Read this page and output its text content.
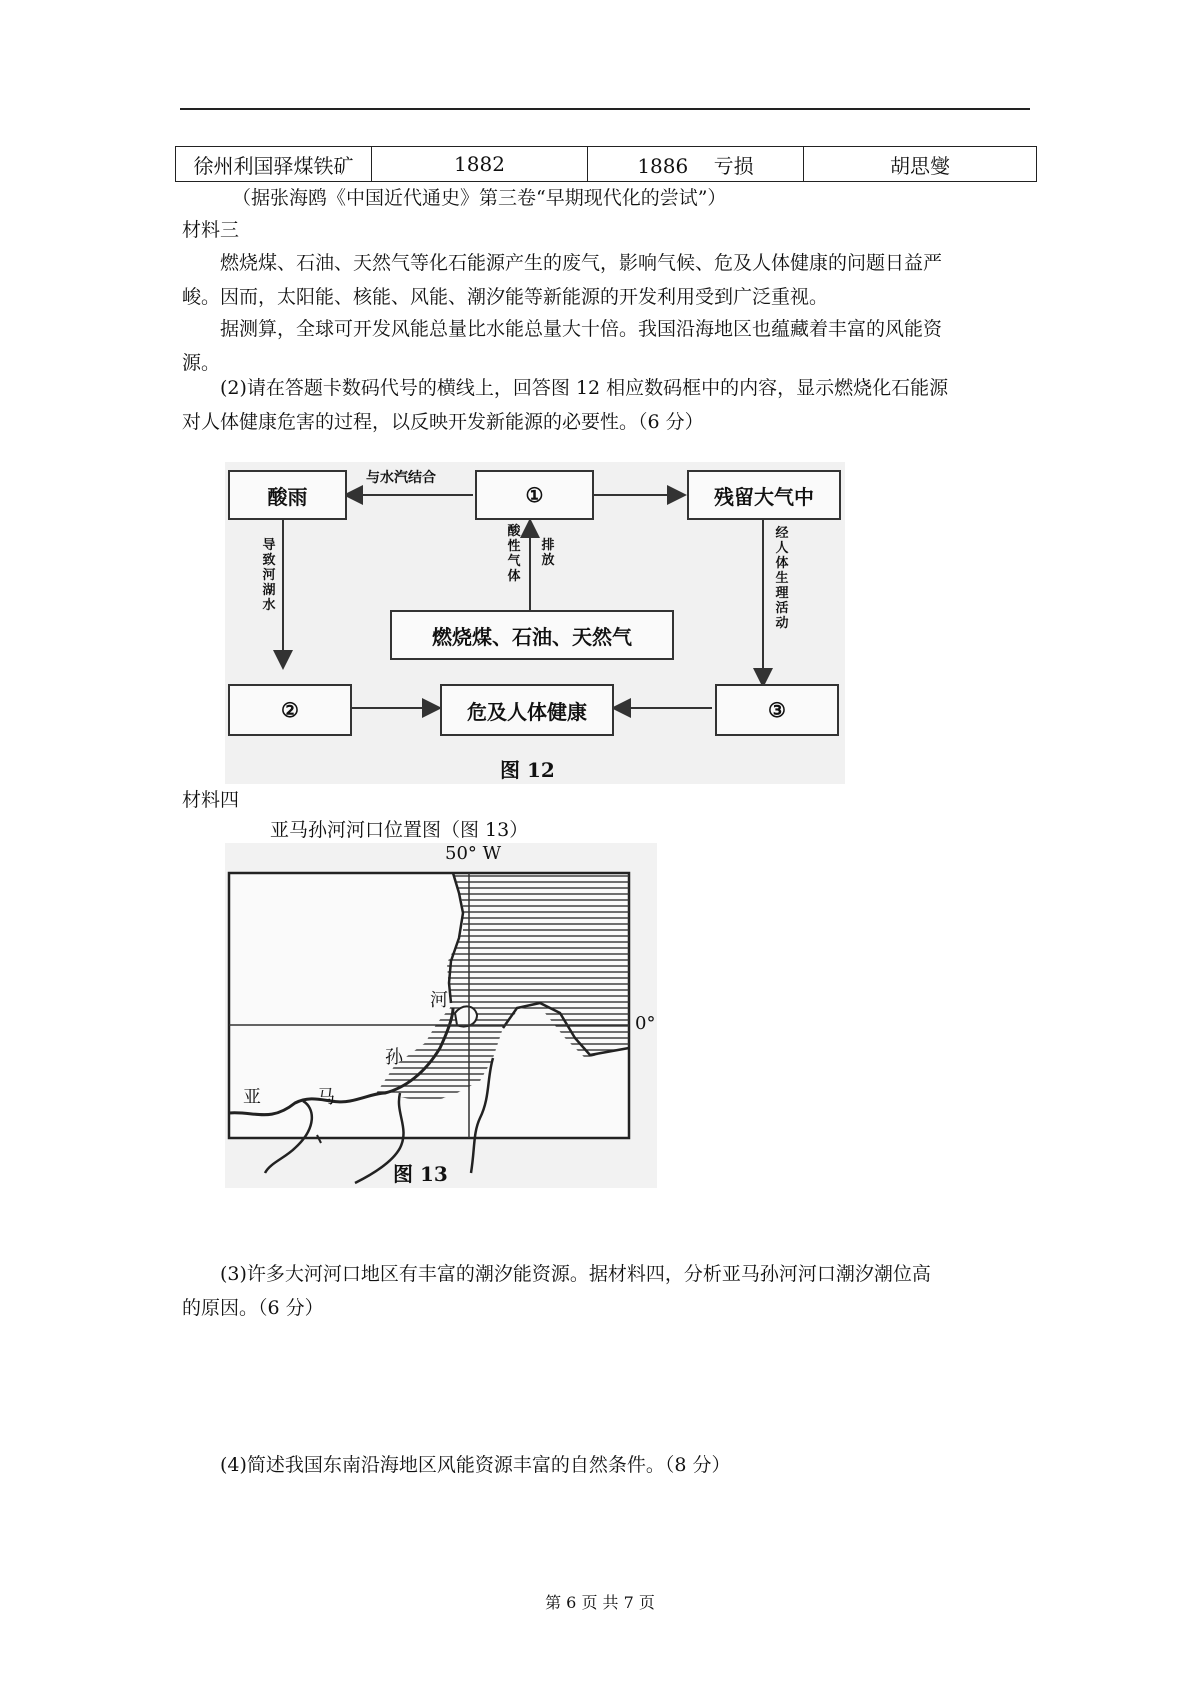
徐州利国驿煤铁矿	1882	1886 亏损	胡思燮
（据张海鸥《中国近代通史》第三卷“早期现代化的尝试”）
材料三
燃烧煤、石油、天然气等化石能源产生的废气，影响气候、危及人体健康的问题日益严
峻。因而，太阳能、核能、风能、潮汐能等新能源的开发利用受到广泛重视。
据测算，全球可开发风能总量比水能总量大十倍。我国沿海地区也蕴藏着丰富的风能资
源。
(2)请在答题卡数码代号的横线上，回答图 12 相应数码框中的内容，显示燃烧化石能源
对人体健康危害的过程，以反映开发新能源的必要性。（6 分）
酸雨	①	残留大气中
燃烧煤、石油、天然气
②	危及人体健康	③
与水汽结合
酸性气体
排放
导致河湖水
经人体生理活动
图 12
材料四
亚马孙河河口位置图（图 13）
50° W
0°
亚	马
孙
河
图 13
(3)许多大河河口地区有丰富的潮汐能资源。据材料四，分析亚马孙河河口潮汐潮位高
的原因。（6 分）
(4)简述我国东南沿海地区风能资源丰富的自然条件。（8 分）
第 6 页 共 7 页
